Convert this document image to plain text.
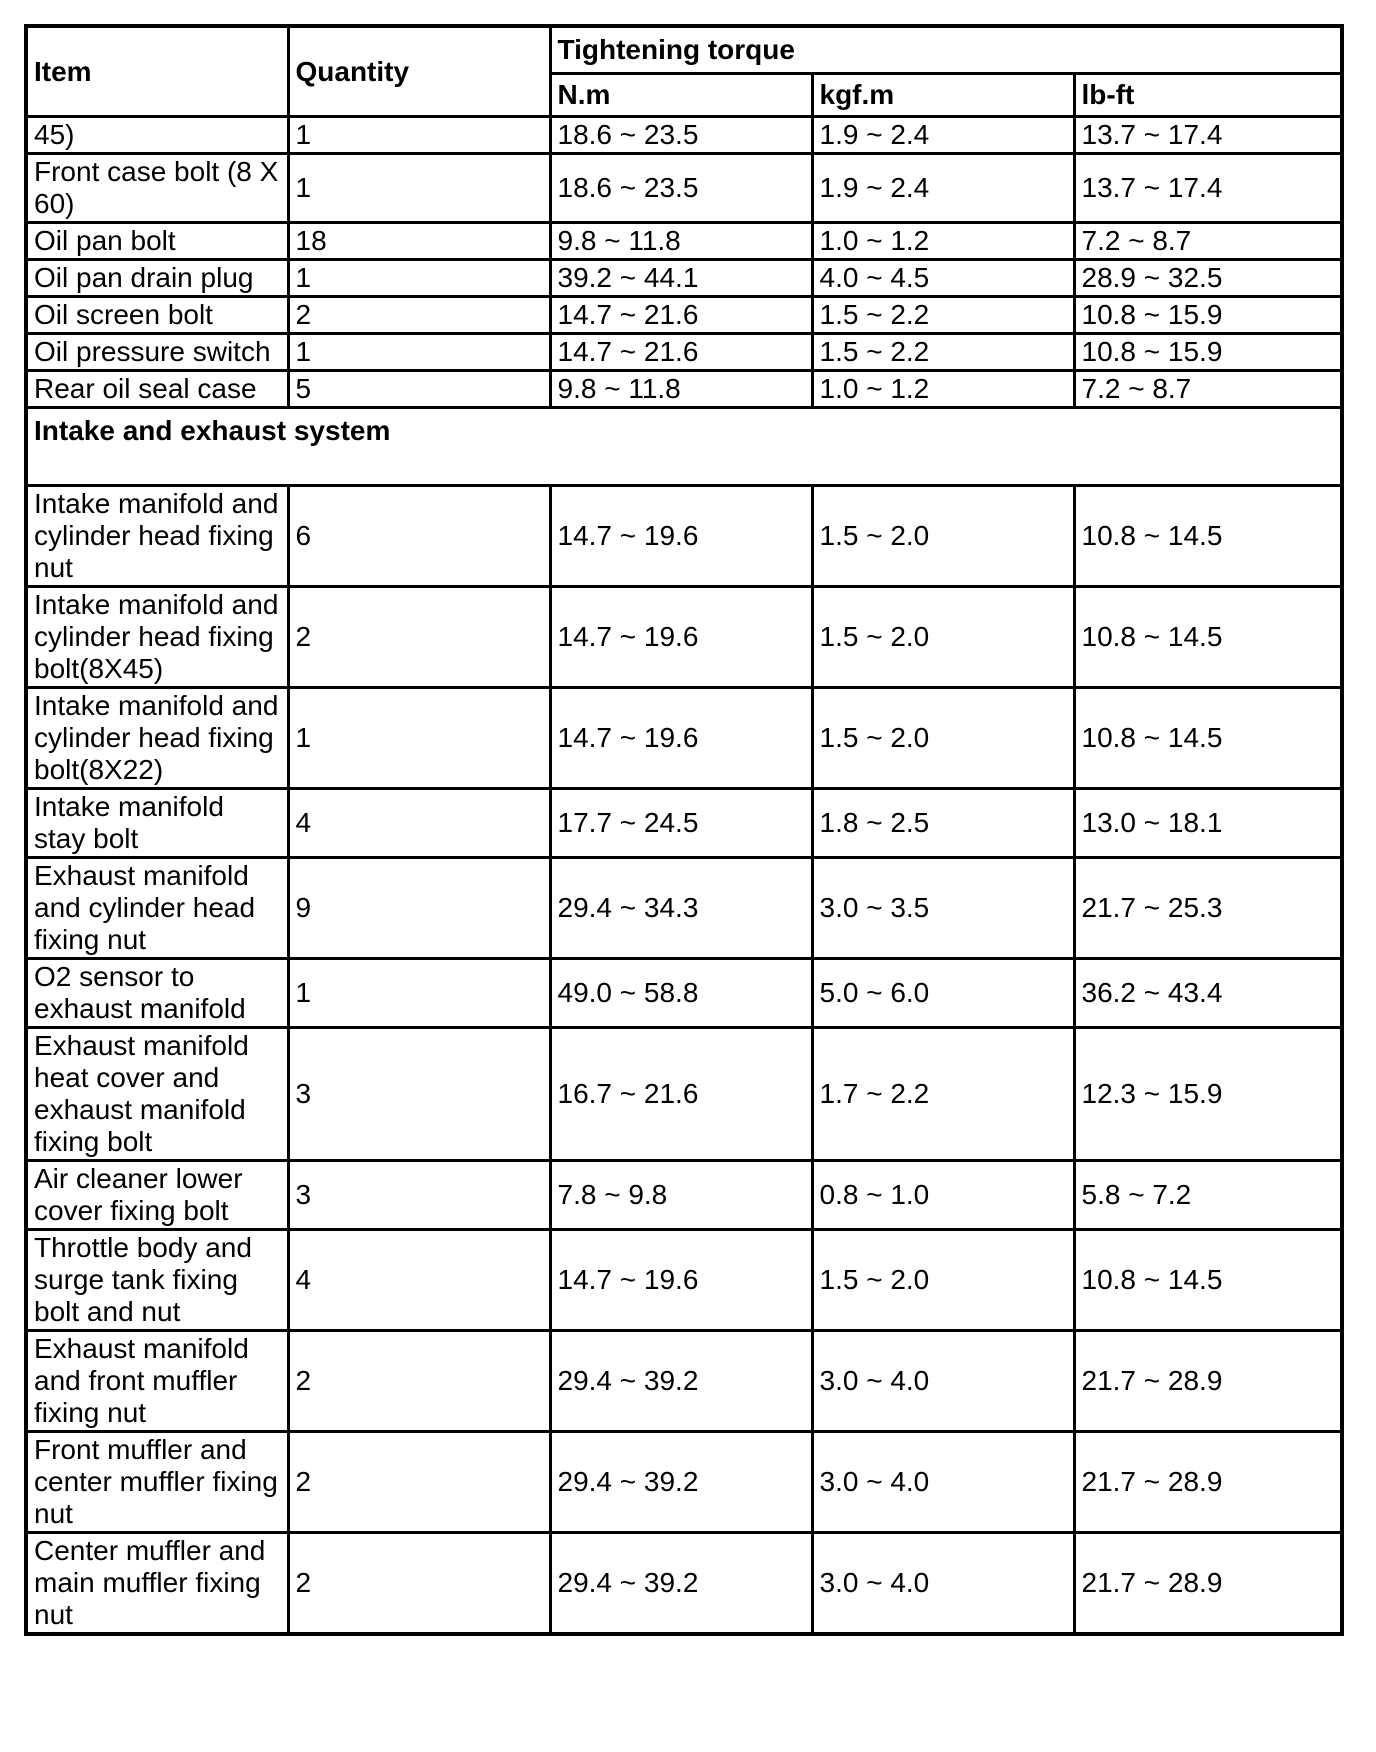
Item	Quantity	Tightening torque		
		N.m	kgf.m	lb-ft
45)	1	18.6 ~ 23.5	1.9 ~ 2.4	13.7 ~ 17.4
Front case bolt (8 X 60)	1	18.6 ~ 23.5	1.9 ~ 2.4	13.7 ~ 17.4
Oil pan bolt	18	9.8 ~ 11.8	1.0 ~ 1.2	7.2 ~ 8.7
Oil pan drain plug	1	39.2 ~ 44.1	4.0 ~ 4.5	28.9 ~ 32.5
Oil screen bolt	2	14.7 ~ 21.6	1.5 ~ 2.2	10.8 ~ 15.9
Oil pressure switch	1	14.7 ~ 21.6	1.5 ~ 2.2	10.8 ~ 15.9
Rear oil seal case	5	9.8 ~ 11.8	1.0 ~ 1.2	7.2 ~ 8.7
Intake and exhaust system				
Intake manifold and cylinder head fixing nut	6	14.7 ~ 19.6	1.5 ~ 2.0	10.8 ~ 14.5
Intake manifold and cylinder head fixing bolt(8X45)	2	14.7 ~ 19.6	1.5 ~ 2.0	10.8 ~ 14.5
Intake manifold and cylinder head fixing bolt(8X22)	1	14.7 ~ 19.6	1.5 ~ 2.0	10.8 ~ 14.5
Intake manifold stay bolt	4	17.7 ~ 24.5	1.8 ~ 2.5	13.0 ~ 18.1
Exhaust manifold and cylinder head fixing nut	9	29.4 ~ 34.3	3.0 ~ 3.5	21.7 ~ 25.3
O2 sensor to exhaust manifold	1	49.0 ~ 58.8	5.0 ~ 6.0	36.2 ~ 43.4
Exhaust manifold heat cover and exhaust manifold fixing bolt	3	16.7 ~ 21.6	1.7 ~ 2.2	12.3 ~ 15.9
Air cleaner lower cover fixing bolt	3	7.8 ~ 9.8	0.8 ~ 1.0	5.8 ~ 7.2
Throttle body and surge tank fixing bolt and nut	4	14.7 ~ 19.6	1.5 ~ 2.0	10.8 ~ 14.5
Exhaust manifold and front muffler fixing nut	2	29.4 ~ 39.2	3.0 ~ 4.0	21.7 ~ 28.9
Front muffler and center muffler fixing nut	2	29.4 ~ 39.2	3.0 ~ 4.0	21.7 ~ 28.9
Center muffler and main muffler fixing nut	2	29.4 ~ 39.2	3.0 ~ 4.0	21.7 ~ 28.9
